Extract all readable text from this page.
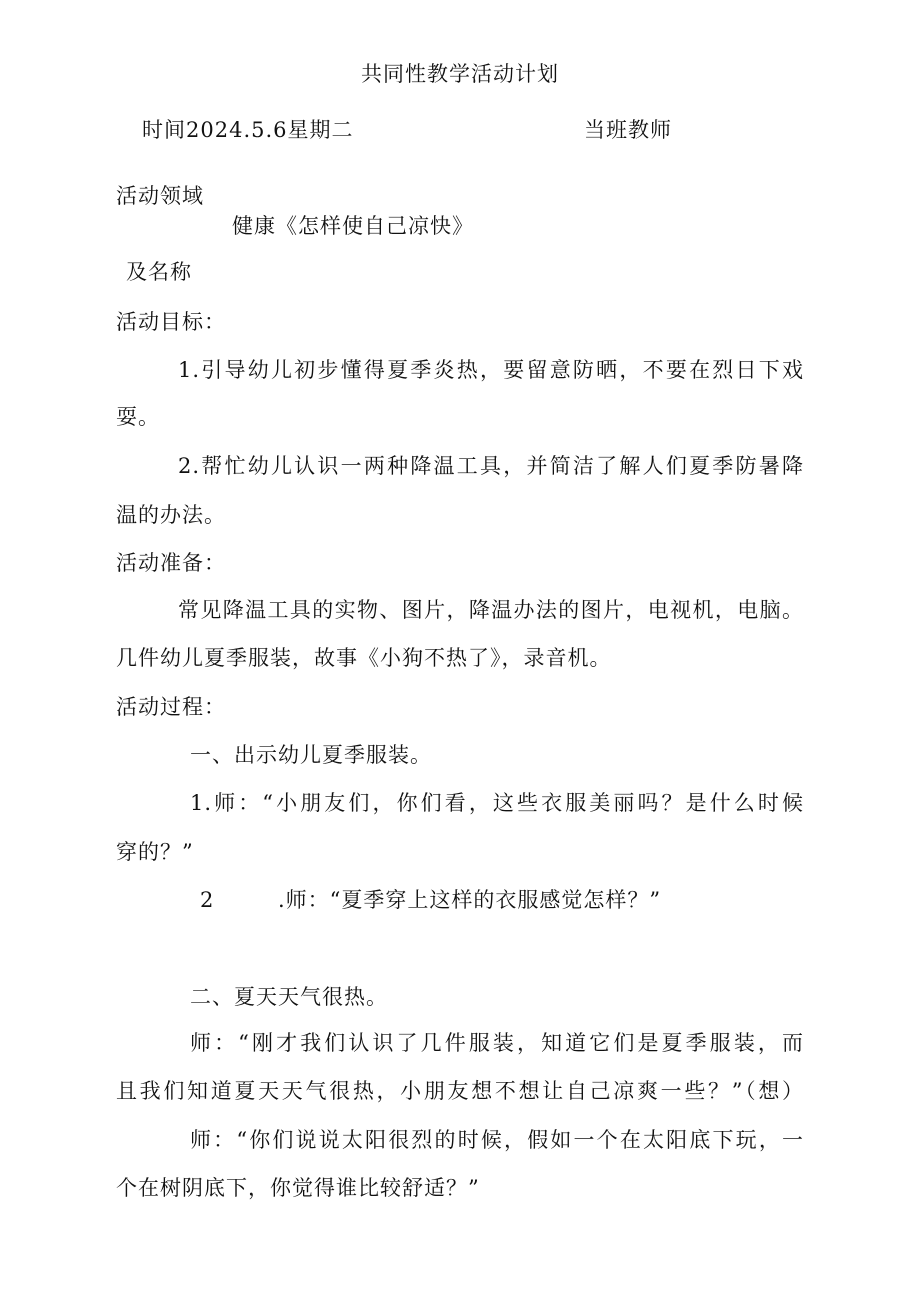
共同性教学活动计划
时间2024.5.6星期二	当班教师
活动领域
健康《怎样使自己凉快》
及名称
活动目标：
1.引导幼儿初步懂得夏季炎热，要留意防晒，不要在烈日下戏
耍。
2.帮忙幼儿认识一两种降温工具，并简洁了解人们夏季防暑降
温的办法。
活动准备：
常见降温工具的实物、图片，降温办法的图片，电视机，电脑。
几件幼儿夏季服装，故事《小狗不热了》，录音机。
活动过程：
一、出示幼儿夏季服装。
1.师：“小朋友们，你们看，这些衣服美丽吗？是什么时候
穿的？”
2	.师：“夏季穿上这样的衣服感觉怎样？”
二、夏天天气很热。
师：“刚才我们认识了几件服装，知道它们是夏季服装，而
且我们知道夏天天气很热，小朋友想不想让自己凉爽一些？”（想）
师：“你们说说太阳很烈的时候，假如一个在太阳底下玩，一
个在树阴底下，你觉得谁比较舒适？”
